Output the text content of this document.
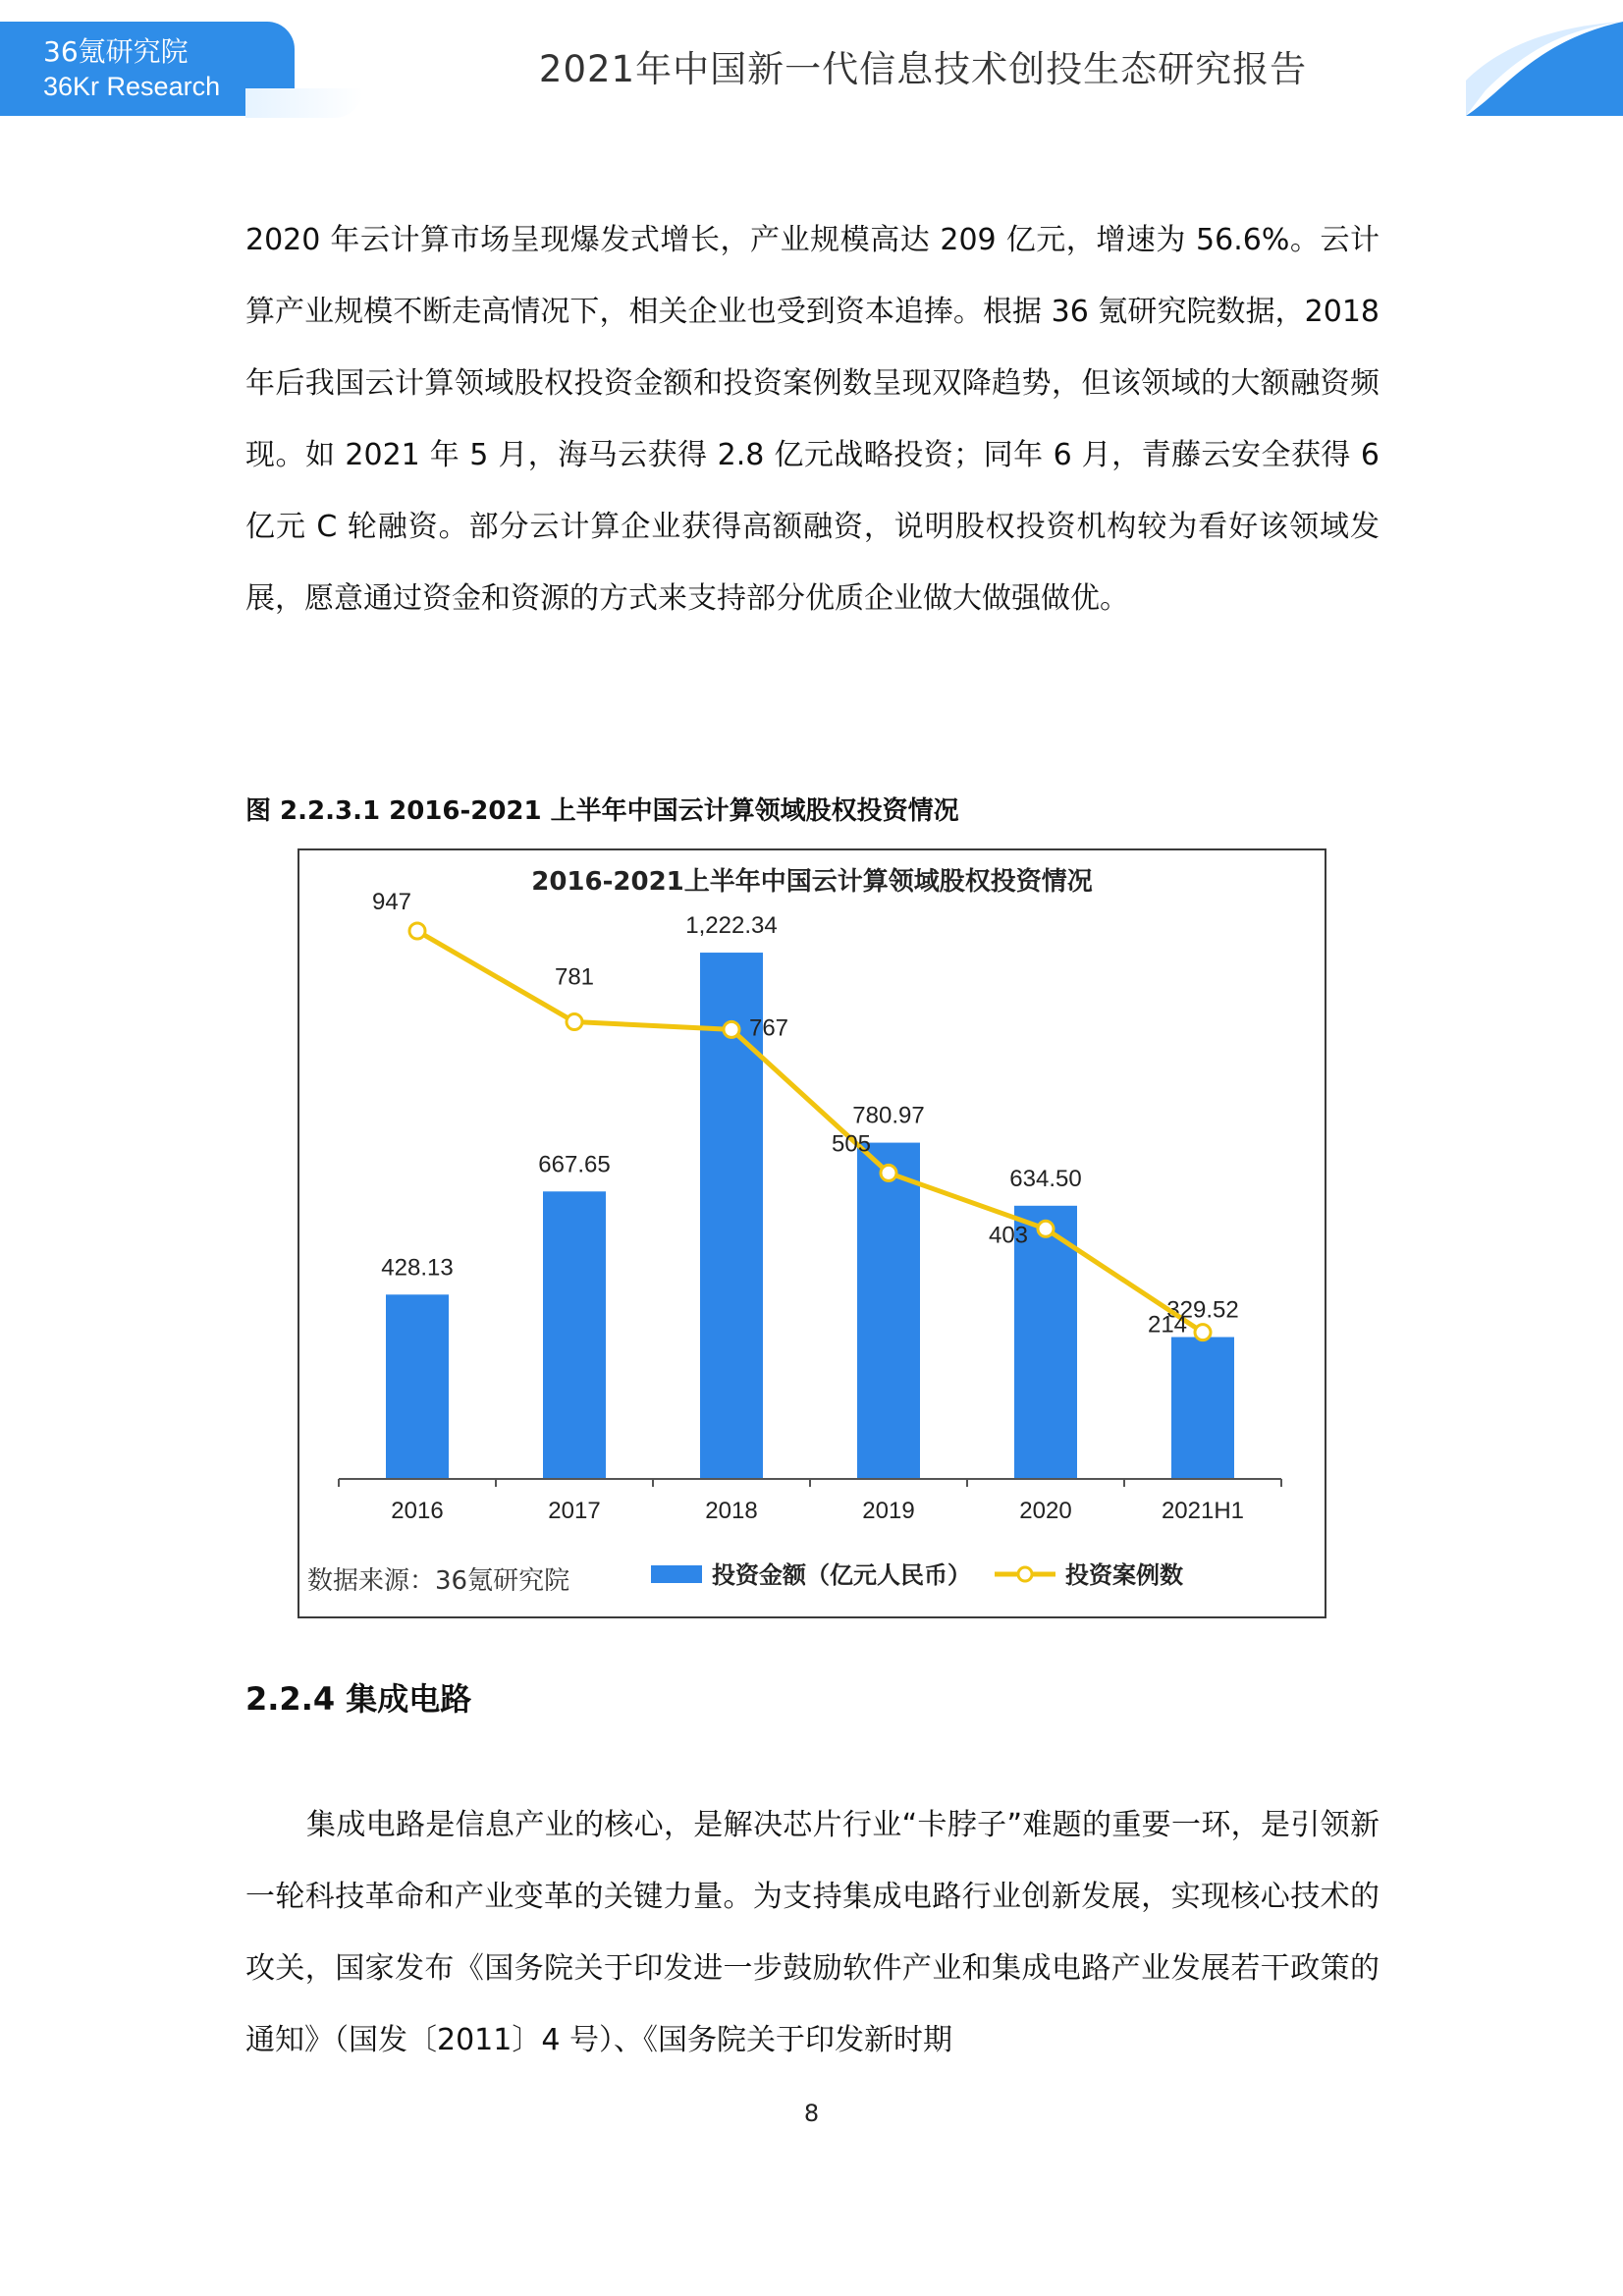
36氪研究院
36Kr Research	2021年中国新一代信息技术创投生态研究报告
2020 年云计算市场呈现爆发式增长，产业规模高达 209 亿元，增速为 56.6%。云计算产业规模不断走高情况下，相关企业也受到资本追捧。根据 36 氪研究院数据，2018 年后我国云计算领域股权投资金额和投资案例数呈现双降趋势，但该领域的大额融资频现。如 2021 年 5 月，海马云获得 2.8 亿元战略投资；同年 6 月，青藤云安全获得 6 亿元 C 轮融资。部分云计算企业获得高额融资，说明股权投资机构较为看好该领域发展，愿意通过资金和资源的方式来支持部分优质企业做大做强做优。
图 2.2.3.1 2016-2021 上半年中国云计算领域股权投资情况
2016-2021上半年中国云计算领域股权投资情况
428.13
667.65
1,222.34
780.97
634.50
329.52
2016	2017	2018	2019	2020	2021H1
947
781
767
505
403
214
数据来源：36氪研究院	投资金额（亿元人民币）	投资案例数
2.2.4 集成电路
集成电路是信息产业的核心，是解决芯片行业“卡脖子”难题的重要一环，是引领新一轮科技革命和产业变革的关键力量。为支持集成电路行业创新发展，实现核心技术的攻关，国家发布《国务院关于印发进一步鼓励软件产业和集成电路产业发展若干政策的通知》（国发〔2011〕4 号）、《国务院关于印发新时期
8
